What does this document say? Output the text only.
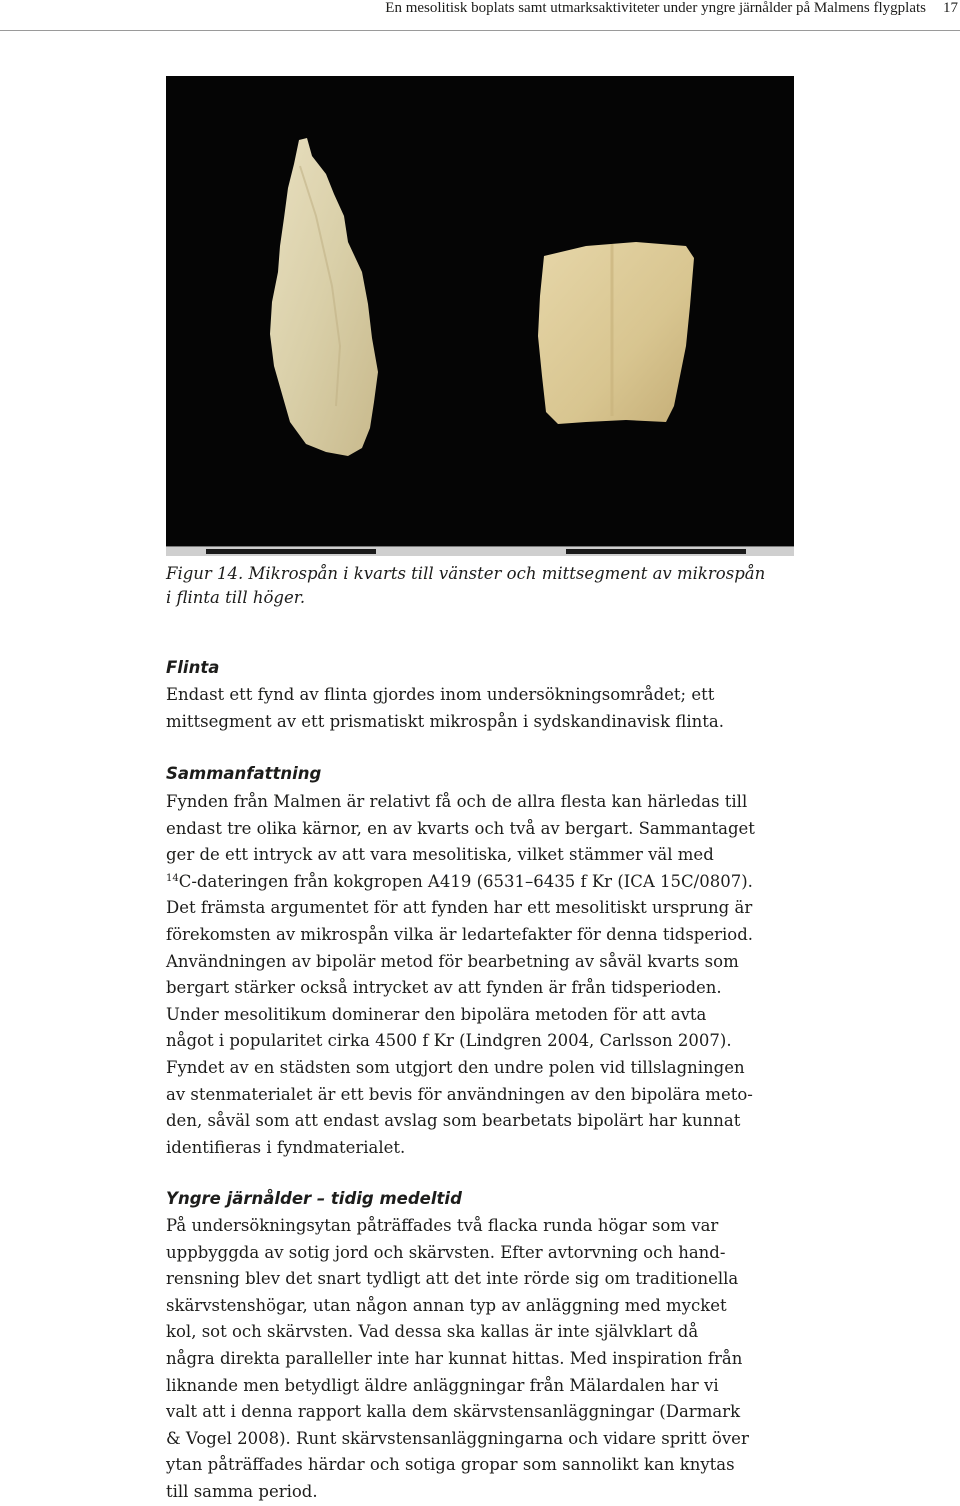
En mesolitisk boplats samt utmarksaktiviteter under yngre järnålder på Malmens flygplats 17
Figur 14. Mikrospån i kvarts till vänster och mittsegment av mikrospån
i flinta till höger.
Flinta
Endast ett fynd av flinta gjordes inom undersökningsområdet; ett
mittsegment av ett prismatiskt mikrospån i sydskandinavisk flinta.
Sammanfattning
Fynden från Malmen är relativt få och de allra flesta kan härledas till
endast tre olika kärnor, en av kvarts och två av bergart. Sammantaget
ger de ett intryck av att vara mesolitiska, vilket stämmer väl med
$^{14}$C-dateringen från kokgropen A419 (6531–6435 f Kr (ICA 15C/0807).
Det främsta argumentet för att fynden har ett mesolitiskt ursprung är
förekomsten av mikrospån vilka är ledartefakter för denna tidsperiod.
Användningen av bipolär metod för bearbetning av såväl kvarts som
bergart stärker också intrycket av att fynden är från tidsperioden.
Under mesolitikum dominerar den bipolära metoden för att avta
något i popularitet cirka 4500 f Kr (Lindgren 2004, Carlsson 2007).
Fyndet av en städsten som utgjort den undre polen vid tillslagningen
av stenmaterialet är ett bevis för användningen av den bipolära meto-
den, såväl som att endast avslag som bearbetats bipolärt har kunnat
identifieras i fyndmaterialet.
Yngre järnålder – tidig medeltid
På undersökningsytan påträffades två flacka runda högar som var
uppbyggda av sotig jord och skärvsten. Efter avtorvning och hand-
rensning blev det snart tydligt att det inte rörde sig om traditionella
skärvstenshögar, utan någon annan typ av anläggning med mycket
kol, sot och skärvsten. Vad dessa ska kallas är inte självklart då
några direkta paralleller inte har kunnat hittas. Med inspiration från
liknande men betydligt äldre anläggningar från Mälardalen har vi
valt att i denna rapport kalla dem skärvstensanläggningar (Darmark
& Vogel 2008). Runt skärvstensanläggningarna och vidare spritt över
ytan påträffades härdar och sotiga gropar som sannolikt kan knytas
till samma period.
